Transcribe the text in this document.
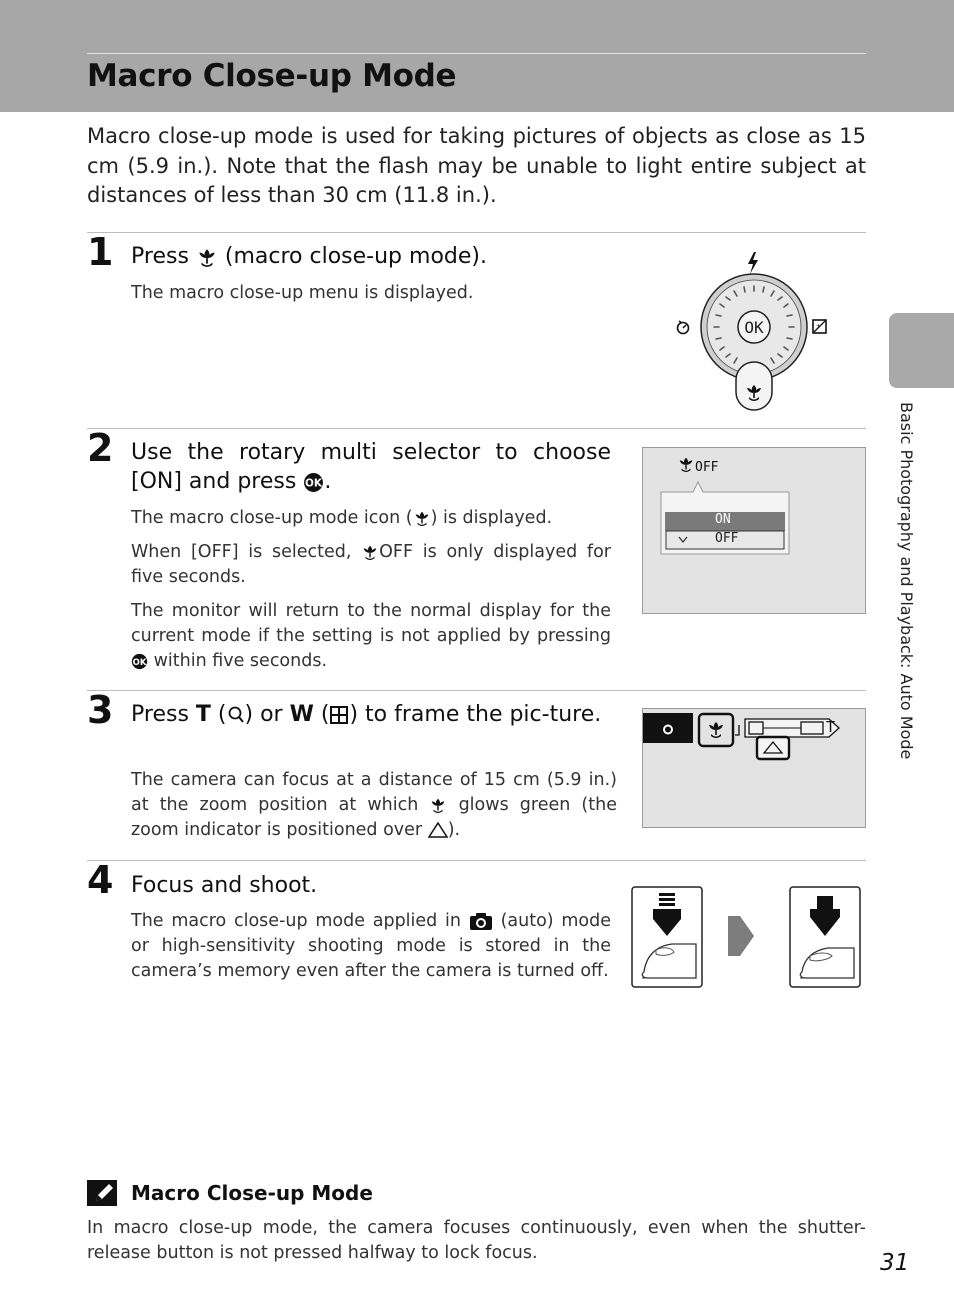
Macro Close-up Mode

Macro close-up mode is used for taking pictures of objects as close as 15 cm (5.9 in.). Note that the flash may be unable to light entire subject at distances of less than 30 cm (11.8 in.).

1 Press (macro close-up mode).

The macro close-up menu is displayed.

+
OK
2 Use the rotary multi selector to choose [ON] and press .

The macro close-up mode icon ( ) is displayed.

When [OFF] is selected, OFF is only displayed for five seconds.

The monitor will return to the normal display for the current mode if the setting is not applied by pressing  within five seconds.

OFF
ON
OFF
3 Press T ( ) or W ( ) to frame the pic-ture.

The camera can focus at a distance of 15 cm (5.9 in.) at the zoom position at which glows green (the zoom indicator is positioned over ).

T
4 Focus and shoot.

The macro close-up mode applied in (auto) mode or high-sensitivity shooting mode is stored in the camera’s memory even after the camera is turned off.

Basic Photography and Playback: Auto Mode
Macro Close-up Mode

In macro close-up mode, the camera focuses continuously, even when the shutter-release button is not pressed halfway to lock focus.	31
